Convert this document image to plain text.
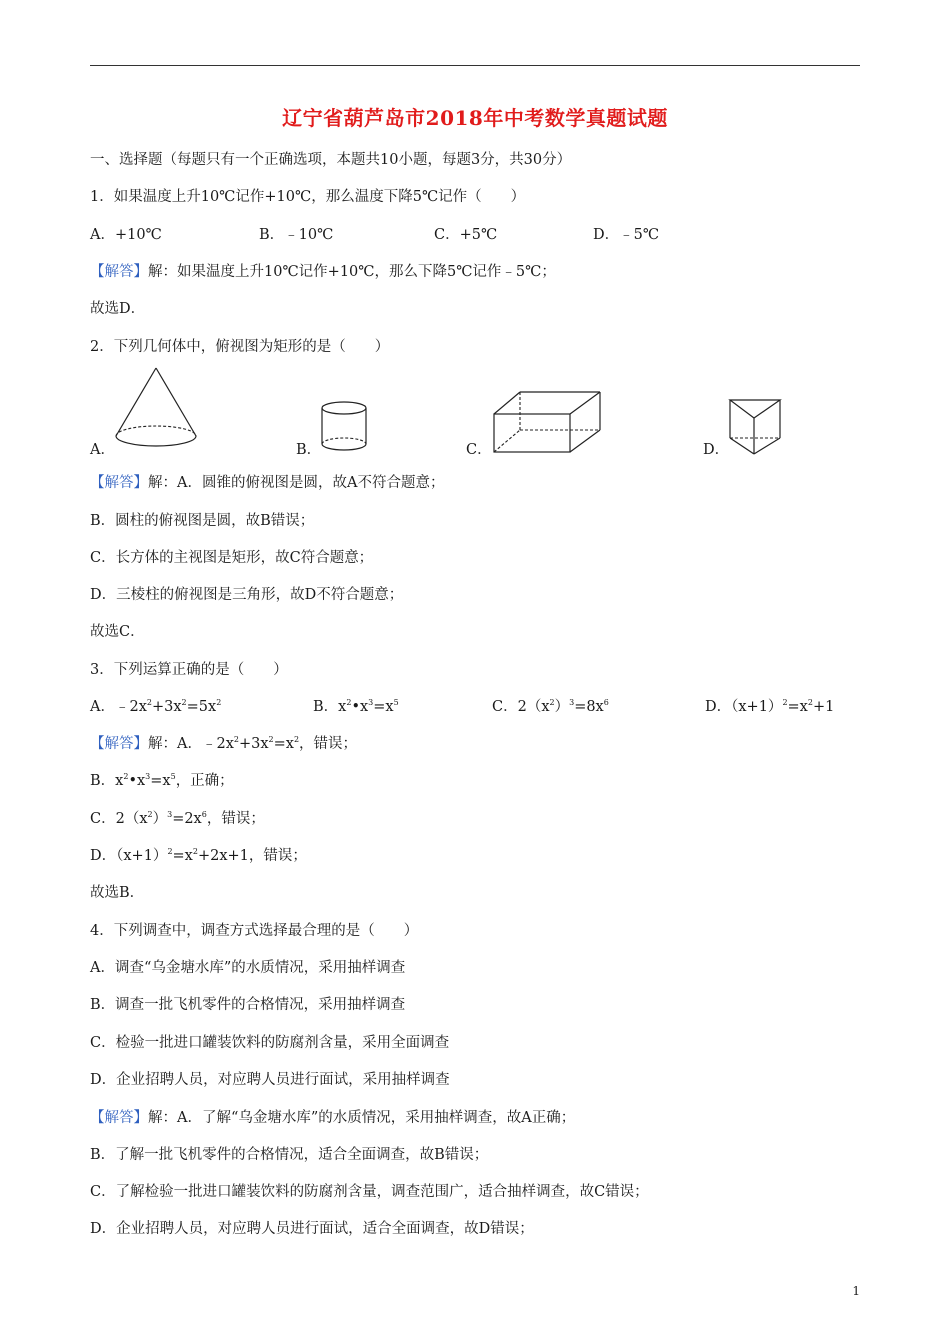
辽宁省葫芦岛市2018年中考数学真题试题
一、选择题（每题只有一个正确选项，本题共10小题，每题3分，共30分）
1．如果温度上升10℃记作+10℃，那么温度下降5℃记作（　　）
A．+10℃	B．﹣10℃	C．+5℃	D．﹣5℃
【解答】解：如果温度上升10℃记作+10℃，那么下降5℃记作﹣5℃；
故选D．
2．下列几何体中，俯视图为矩形的是（　　）
A．	B．	C．	D．
【解答】解：A．圆锥的俯视图是圆，故A不符合题意；
B．圆柱的俯视图是圆，故B错误；
C．长方体的主视图是矩形，故C符合题意；
D．三棱柱的俯视图是三角形，故D不符合题意；
故选C．
3．下列运算正确的是（　　）
A．$﹣2x^2+3x^2=5x^2$	B．$x^2•x^3=x^5$	C．$2(x^2)^3=8x^6$	D．$(x+1)^2=x^2+1$
【解答】解：A．$﹣2x^2+3x^2=x^2$，错误；
B．$x^2•x^3=x^5$，正确；
C．$2(x^2)^3=2x^6$，错误；
D．$(x+1)^2=x^2+2x+1$，错误；
故选B．
4．下列调查中，调查方式选择最合理的是（　　）
A．调查“乌金塘水库”的水质情况，采用抽样调查
B．调查一批飞机零件的合格情况，采用抽样调查
C．检验一批进口罐装饮料的防腐剂含量，采用全面调查
D．企业招聘人员，对应聘人员进行面试，采用抽样调查
【解答】解：A．了解“乌金塘水库”的水质情况，采用抽样调查，故A正确；
B．了解一批飞机零件的合格情况，适合全面调查，故B错误；
C．了解检验一批进口罐装饮料的防腐剂含量，调查范围广，适合抽样调查，故C错误；
D．企业招聘人员，对应聘人员进行面试，适合全面调查，故D错误；
1
